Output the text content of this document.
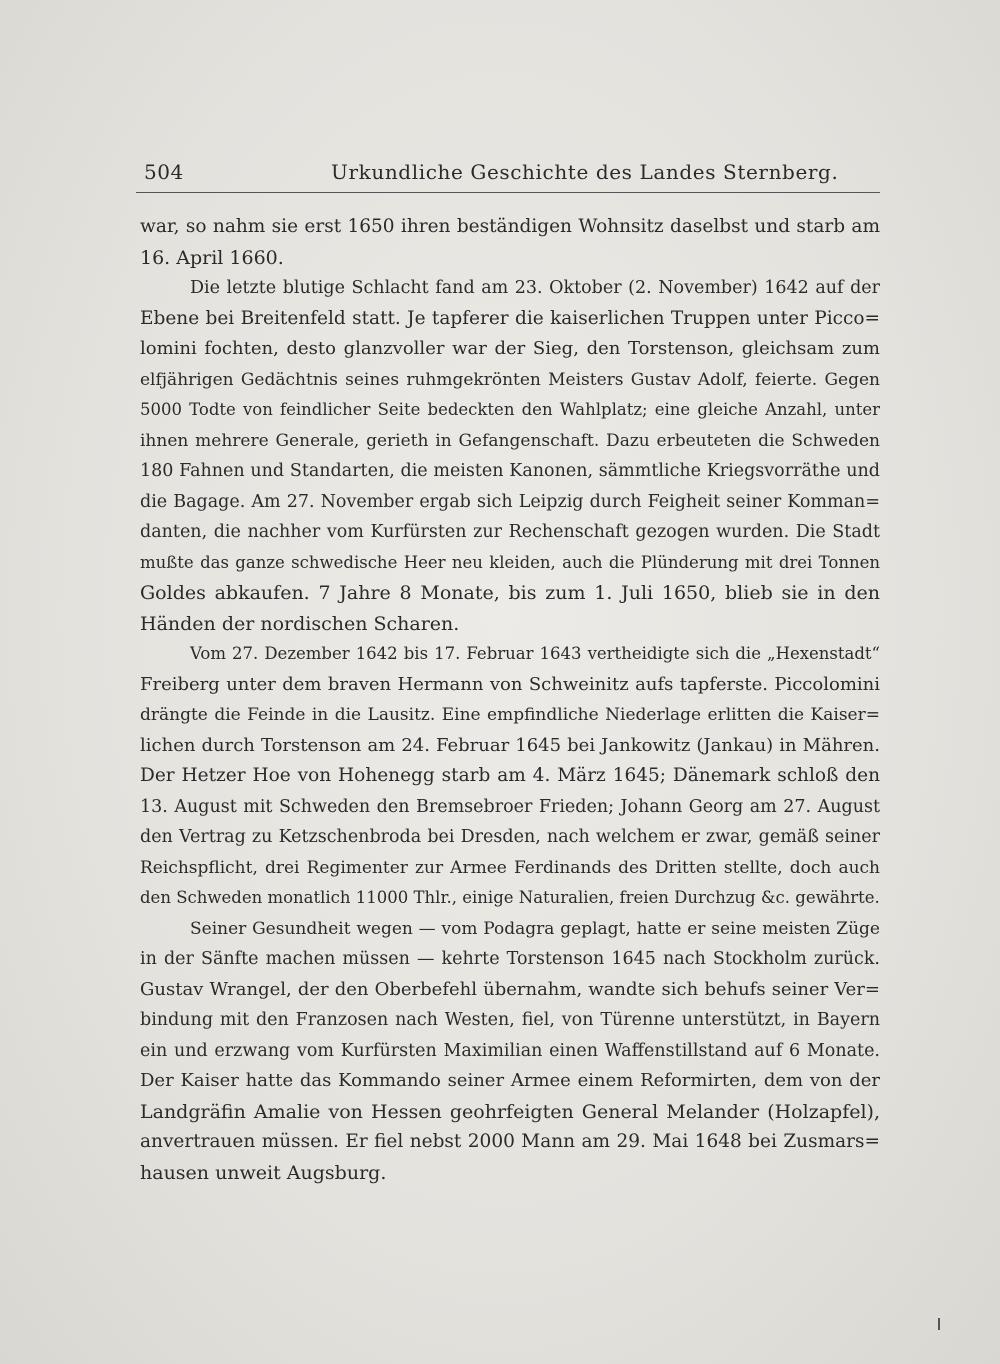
504	Urkundliche Geschichte des Landes Sternberg.
war, so nahm sie erst 1650 ihren beständigen Wohnsitz daselbst und starb am
16. April 1660.
Die letzte blutige Schlacht fand am 23. Oktober (2. November) 1642 auf der
Ebene bei Breitenfeld statt. Je tapferer die kaiserlichen Truppen unter Picco=
lomini fochten, desto glanzvoller war der Sieg, den Torstenson, gleichsam zum
elfjährigen Gedächtnis seines ruhmgekrönten Meisters Gustav Adolf, feierte. Gegen
5000 Todte von feindlicher Seite bedeckten den Wahlplatz; eine gleiche Anzahl, unter
ihnen mehrere Generale, gerieth in Gefangenschaft. Dazu erbeuteten die Schweden
180 Fahnen und Standarten, die meisten Kanonen, sämmtliche Kriegsvorräthe und
die Bagage. Am 27. November ergab sich Leipzig durch Feigheit seiner Komman=
danten, die nachher vom Kurfürsten zur Rechenschaft gezogen wurden. Die Stadt
mußte das ganze schwedische Heer neu kleiden, auch die Plünderung mit drei Tonnen
Goldes abkaufen. 7 Jahre 8 Monate, bis zum 1. Juli 1650, blieb sie in den
Händen der nordischen Scharen.
Vom 27. Dezember 1642 bis 17. Februar 1643 vertheidigte sich die „Hexenstadt“
Freiberg unter dem braven Hermann von Schweinitz aufs tapferste. Piccolomini
drängte die Feinde in die Lausitz. Eine empfindliche Niederlage erlitten die Kaiser=
lichen durch Torstenson am 24. Februar 1645 bei Jankowitz (Jankau) in Mähren.
Der Hetzer Hoe von Hohenegg starb am 4. März 1645; Dänemark schloß den
13. August mit Schweden den Bremsebroer Frieden; Johann Georg am 27. August
den Vertrag zu Ketzschenbroda bei Dresden, nach welchem er zwar, gemäß seiner
Reichspflicht, drei Regimenter zur Armee Ferdinands des Dritten stellte, doch auch
den Schweden monatlich 11000 Thlr., einige Naturalien, freien Durchzug &c. gewährte.
Seiner Gesundheit wegen — vom Podagra geplagt, hatte er seine meisten Züge
in der Sänfte machen müssen — kehrte Torstenson 1645 nach Stockholm zurück.
Gustav Wrangel, der den Oberbefehl übernahm, wandte sich behufs seiner Ver=
bindung mit den Franzosen nach Westen, fiel, von Türenne unterstützt, in Bayern
ein und erzwang vom Kurfürsten Maximilian einen Waffenstillstand auf 6 Monate.
Der Kaiser hatte das Kommando seiner Armee einem Reformirten, dem von der
Landgräfin Amalie von Hessen geohrfeigten General Melander (Holzapfel),
anvertrauen müssen. Er fiel nebst 2000 Mann am 29. Mai 1648 bei Zusmars=
hausen unweit Augsburg.
